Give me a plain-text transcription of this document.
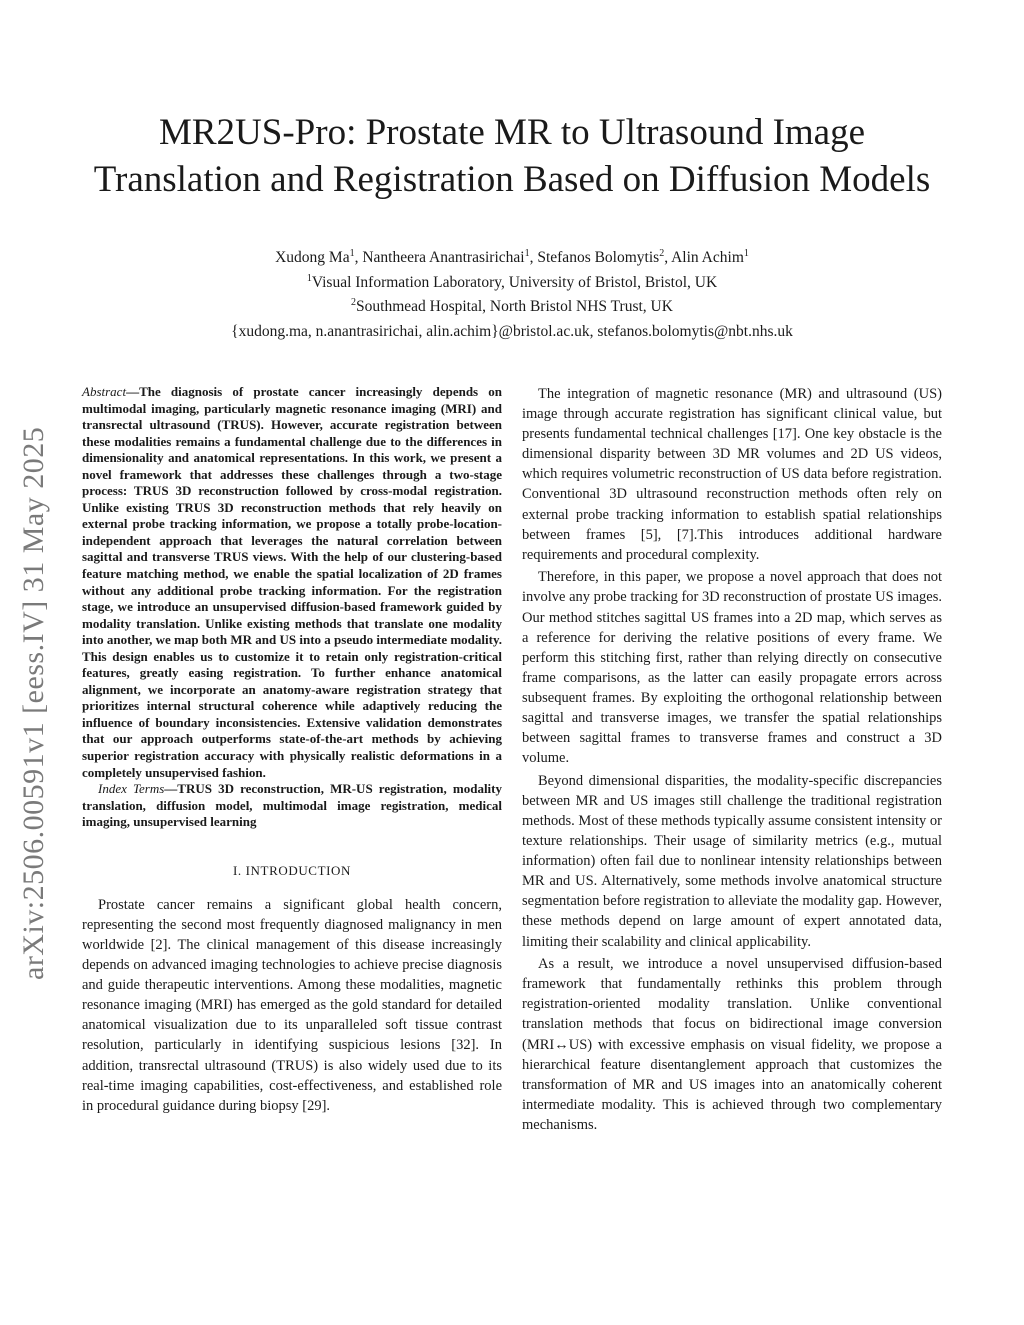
arXiv:2506.00591v1 [eess.IV] 31 May 2025
MR2US-Pro: Prostate MR to Ultrasound Image Translation and Registration Based on Diffusion Models
Xudong Ma$^1$, Nantheera Anantrasirichai$^1$, Stefanos Bolomytis$^2$, Alin Achim$^1$
$^1$Visual Information Laboratory, University of Bristol, Bristol, UK
$^2$Southmead Hospital, North Bristol NHS Trust, UK
{xudong.ma, n.anantrasirichai, alin.achim}@bristol.ac.uk, stefanos.bolomytis@nbt.nhs.uk

Abstract—The diagnosis of prostate cancer increasingly depends on multimodal imaging, particularly magnetic resonance imaging (MRI) and transrectal ultrasound (TRUS). However, accurate registration between these modalities remains a fundamental challenge due to the differences in dimensionality and anatomical representations. In this work, we present a novel framework that addresses these challenges through a two-stage process: TRUS 3D reconstruction followed by cross-modal registration. Unlike existing TRUS 3D reconstruction methods that rely heavily on external probe tracking information, we propose a totally probe-location-independent approach that leverages the natural correlation between sagittal and transverse TRUS views. With the help of our clustering-based feature matching method, we enable the spatial localization of 2D frames without any additional probe tracking information. For the registration stage, we introduce an unsupervised diffusion-based framework guided by modality translation. Unlike existing methods that translate one modality into another, we map both MR and US into a pseudo intermediate modality. This design enables us to customize it to retain only registration-critical features, greatly easing registration. To further enhance anatomical alignment, we incorporate an anatomy-aware registration strategy that prioritizes internal structural coherence while adaptively reducing the influence of boundary inconsistencies. Extensive validation demonstrates that our approach outperforms state-of-the-art methods by achieving superior registration accuracy with physically realistic deformations in a completely unsupervised fashion.

Index Terms—TRUS 3D reconstruction, MR-US registration, modality translation, diffusion model, multimodal image registration, medical imaging, unsupervised learning

I. INTRODUCTION

Prostate cancer remains a significant global health concern, representing the second most frequently diagnosed malignancy in men worldwide [2]. The clinical management of this disease increasingly depends on advanced imaging technologies to achieve precise diagnosis and guide therapeutic interventions. Among these modalities, magnetic resonance imaging (MRI) has emerged as the gold standard for detailed anatomical visualization due to its unparalleled soft tissue contrast resolution, particularly in identifying suspicious lesions [32]. In addition, transrectal ultrasound (TRUS) is also widely used due to its real-time imaging capabilities, cost-effectiveness, and established role in procedural guidance during biopsy [29].

The integration of magnetic resonance (MR) and ultrasound (US) image through accurate registration has significant clinical value, but presents fundamental technical challenges [17]. One key obstacle is the dimensional disparity between 3D MR volumes and 2D US videos, which requires volumetric reconstruction of US data before registration. Conventional 3D ultrasound reconstruction methods often rely on external probe tracking information to establish spatial relationships between frames [5], [7].This introduces additional hardware requirements and procedural complexity.

Therefore, in this paper, we propose a novel approach that does not involve any probe tracking for 3D reconstruction of prostate US images. Our method stitches sagittal US frames into a 2D map, which serves as a reference for deriving the relative positions of every frame. We perform this stitching first, rather than relying directly on consecutive frame comparisons, as the latter can easily propagate errors across subsequent frames. By exploiting the orthogonal relationship between sagittal and transverse images, we transfer the spatial relationships between sagittal frames to transverse frames and construct a 3D volume.

Beyond dimensional disparities, the modality-specific discrepancies between MR and US images still challenge the traditional registration methods. Most of these methods typically assume consistent intensity or texture relationships. Their usage of similarity metrics (e.g., mutual information) often fail due to nonlinear intensity relationships between MR and US. Alternatively, some methods involve anatomical structure segmentation before registration to alleviate the modality gap. However, these methods depend on large amount of expert annotated data, limiting their scalability and clinical applicability.

As a result, we introduce a novel unsupervised diffusion-based framework that fundamentally rethinks this problem through registration-oriented modality translation. Unlike conventional translation methods that focus on bidirectional image conversion (MRI↔US) with excessive emphasis on visual fidelity, we propose a hierarchical feature disentanglement approach that customizes the transformation of MR and US images into an anatomically coherent intermediate modality. This is achieved through two complementary mechanisms.
